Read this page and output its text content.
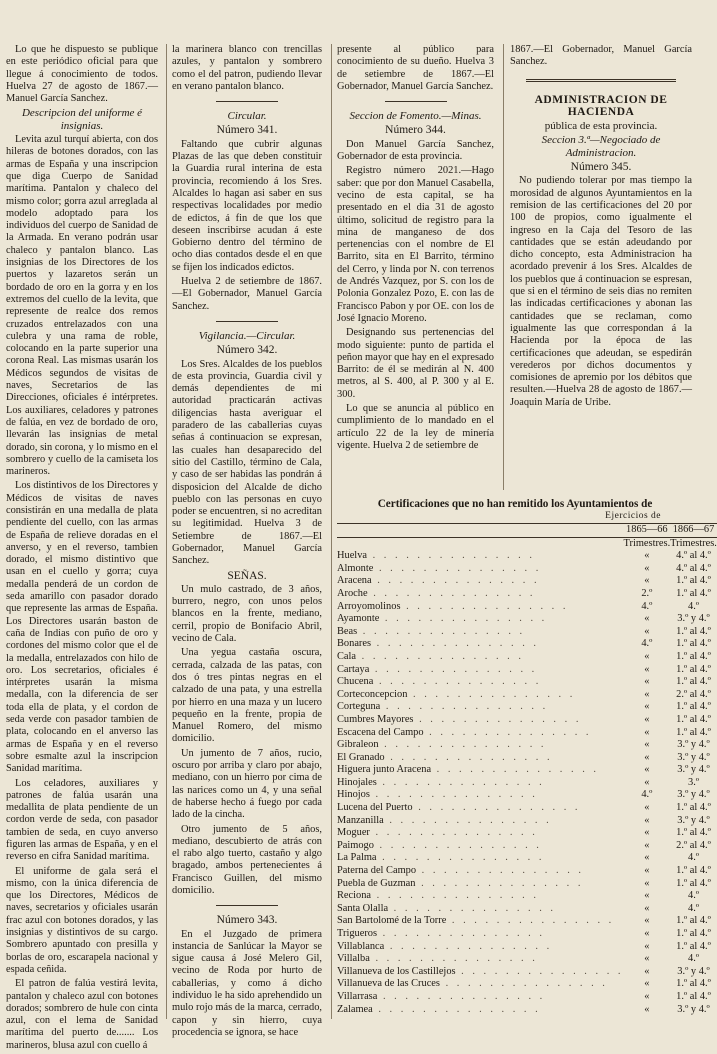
Lo que he dispuesto se publique en este periódico oficial para que llegue á conocimiento de todos. Huelva 27 de agosto de 1867.—Manuel García Sanchez.

Descripcion del uniforme é insignias.

Levita azul turquí abierta, con dos hileras de botones dorados, con las armas de España y una inscripcion que diga Cuerpo de Sanidad marítima. Pantalon y chaleco del mismo color; gorra azul arreglada al modelo adoptado para los individuos del cuerpo de Sanidad de la Armada. En verano podrán usar chaleco y pantalon blanco. Las insignias de los Directores de los puertos y lazaretos serán un bordado de oro en la gorra y en los extremos del cuello de la levita, que represente de realce dos remos cruzados entrelazados con una culebra y una rama de roble, colocando en la parte superior una corona Real. Las mismas usarán los Médicos segundos de visitas de naves, Secretarios de las Direcciones, oficiales é intérpretes. Los auxiliares, celadores y patrones de falúa, en vez de bordado de oro, llevarán las insignias de metal dorado, sin corona, y lo mismo en el sombrero y cuello de la camiseta los marineros.

Los distintivos de los Directores y Médicos de visitas de naves consistirán en una medalla de plata pendiente del cuello, con las armas de España de relieve doradas en el anverso, y en el reverso, tambien dorado, el mismo distintivo que usan en el cuello y gorra; cuya medalla penderá de un cordon de seda amarillo con pasador dorado que represente las armas de España. Los Directores usarán baston de caña de Indias con puño de oro y cordones del mismo color que el de la medalla, entrelazados con hilo de oro. Los secretarios, oficiales é intérpretes usarán la misma medalla, con la diferencia de ser toda ella de plata, y el cordon de seda verde con pasador tambien de plata, colocando en el anverso las armas de España y en el reverso sobre esmalte azul la inscripcion Sanidad marítima.

Los celadores, auxiliares y patrones de falúa usarán una medallita de plata pendiente de un cordon verde de seda, con pasador tambien de seda, en cuyo anverso figuren las armas de España, y en el reverso en cifra Sanidad marítima.

El uniforme de gala será el mismo, con la única diferencia de que los Directores, Médicos de naves, secretarios y oficiales usarán frac azul con botones dorados, y las insignias y distintivos de su cargo. Sombrero apuntado con presilla y borlas de oro, escarapela nacional y espada ceñida.

El patron de falúa vestirá levita, pantalon y chaleco azul con botones dorados; sombrero de hule con cinta azul, con el lema de Sanidad marítima del puerto de....... Los marineros, blusa azul con cuello á

la marinera blanco con trencillas azules, y pantalon y sombrero como el del patron, pudiendo llevar en verano pantalon blanco.

Circular.

Número 341.

Faltando que cubrir algunas Plazas de las que deben constituir la Guardia rural interina de esta provincia, recomiendo á los Sres. Alcaldes lo hagan asi saber en sus respectivas localidades por medio de edictos, á fin de que los que deseen inscribirse acudan á este Gobierno dentro del término de ocho dias contados desde el en que se fijen los indicados edictos.

Huelva 2 de setiembre de 1867. —El Gobernador, Manuel García Sanchez.

Vigilancia.—Circular.

Número 342.

Los Sres. Alcaldes de los pueblos de esta provincia, Guardia civil y demás dependientes de mi autoridad practicarán activas diligencias hasta averiguar el paradero de las caballerias cuyas señas á continuacion se expresan, las cuales han desaparecido del sitio del Castillo, término de Cala, y caso de ser habidas las pondrán á disposicion del Alcalde de dicho pueblo con las personas en cuyo poder se encuentren, si no acreditan su legitimidad. Huelva 3 de Setiembre de 1867.—El Gobernador, Manuel García Sanchez.

SEÑAS.

Un mulo castrado, de 3 años, burrero, negro, con unos pelos blancos en la frente, mediano, cerril, propio de Bonifacio Abril, vecino de Cala.

Una yegua castaña oscura, cerrada, calzada de las patas, con dos ó tres pintas negras en el calzado de una pata, y una estrella por hierro en una maza y un lucero pequeño en la frente, propia de Manuel Romero, del mismo domicilio.

Un jumento de 7 años, rucio, oscuro por arriba y claro por abajo, mediano, con un hierro por cima de las narices como un 4, y una señal de haberse hecho á fuego por cada lado de la cincha.

Otro jumento de 5 años, mediano, descubierto de atrás con el rabo algo tuerto, castaño y algo bragado, ambos pertenecientes á Francisco Guillen, del mismo domicilio.

Número 343.

En el Juzgado de primera instancia de Sanlúcar la Mayor se sigue causa á José Melero Gil, vecino de Roda por hurto de caballerias, y como á dicho individuo le ha sido aprehendido un mulo rojo más de la marca, cerrado, capon y sin hierro, cuya procedencia se ignora, se hace

presente al público para conocimiento de su dueño. Huelva 3 de setiembre de 1867.—El Gobernador, Manuel García Sanchez.

Seccion de Fomento.—Minas.

Número 344.

Don Manuel García Sanchez, Gobernador de esta provincia.

Registro número 2021.—Hago saber: que por don Manuel Casabella, vecino de esta capital, se ha presentado en el dia 31 de agosto último, solicitud de registro para la mina de manganeso de dos pertenencias con el nombre de El Barrito, sita en El Barrito, término del Cerro, y linda por N. con terrenos de Andrés Vazquez, por S. con los de Polonia Gonzalez Pozo, E. con las de Francisco Pabon y por OE. con los de José Ignacio Moreno.

Designando sus pertenencias del modo siguiente: punto de partida el peñon mayor que hay en el expresado Barrito: de él se medirán al N. 400 metros, al S. 400, al P. 300 y al E. 300.

Lo que se anuncia al público en cumplimiento de lo mandado en el artículo 22 de la ley de minería vigente. Huelva 2 de setiembre de

1867.—El Gobernador, Manuel García Sanchez.

ADMINISTRACION DE HACIENDA

pública de esta provincia.

Seccion 3.ª—Negociado de Administracion.

Número 345.

No pudiendo tolerar por mas tiempo la morosidad de algunos Ayuntamientos en la remision de las certificaciones del 20 por 100 de propios, como igualmente el ingreso en la Caja del Tesoro de las cantidades que se están adeudando por dicho concepto, esta Administracion ha acordado prevenir á los Sres. Alcaldes de los pueblos que á continuacion se espresan, que si en el término de seis dias no remiten las indicadas certificaciones y abonan las cantidades que se reclaman, como igualmente las que correspondan á la Hacienda por la época de las certificaciones que adeudan, se espedirán verederos por dichos documentos y comisiones de apremio por los débitos que resulten.—Huelva 28 de agosto de 1867.—Joaquin María de Uribe.

Certificaciones que no han remitido los Ayuntamientos de

Ejercicios de

	1865—66	1866—67
	Trimestres.	Trimestres.
Huelva . . . . . . . . . . . . . . .	«	4.º al 4.º
Almonte . . . . . . . . . . . . . . .	«	4.º al 4.º
Aracena . . . . . . . . . . . . . . .	«	1.º al 4.º
Aroche . . . . . . . . . . . . . . .	2.º	1.º al 4.º
Arroyomolinos . . . . . . . . . . . . . . .	4.º	4.º
Ayamonte . . . . . . . . . . . . . . .	«	3.º y 4.º
Beas . . . . . . . . . . . . . . .	«	1.º al 4.º
Bonares . . . . . . . . . . . . . . .	4.º	1.º al 4.º
Cala . . . . . . . . . . . . . . .	«	1.º al 4.º
Cartaya . . . . . . . . . . . . . . .	«	1.º al 4.º
Chucena . . . . . . . . . . . . . . .	«	1.º al 4.º
Corteconcepcion . . . . . . . . . . . . . . .	«	2.º al 4.º
Corteguna . . . . . . . . . . . . . . .	«	1.º al 4.º
Cumbres Mayores . . . . . . . . . . . . . . .	«	1.º al 4.º
Escacena del Campo . . . . . . . . . . . . . . .	«	1.º al 4.º
Gibraleon . . . . . . . . . . . . . . .	«	3.º y 4.º
El Granado . . . . . . . . . . . . . . .	«	3.º y 4.º
Higuera junto Aracena . . . . . . . . . . . . . . .	«	3.º y 4.º
Hinojales . . . . . . . . . . . . . . .	«	3.º
Hinojos . . . . . . . . . . . . . . .	4.º	3.º y 4.º
Lucena del Puerto . . . . . . . . . . . . . . .	«	1.º al 4.º
Manzanilla . . . . . . . . . . . . . . .	«	3.º y 4.º
Moguer . . . . . . . . . . . . . . .	«	1.º al 4.º
Paimogo . . . . . . . . . . . . . . .	«	2.º al 4.º
La Palma . . . . . . . . . . . . . . .	«	4.º
Paterna del Campo . . . . . . . . . . . . . . .	«	1.º al 4.º
Puebla de Guzman . . . . . . . . . . . . . . .	«	1.º al 4.º
Reciona . . . . . . . . . . . . . . .	«	4.º
Santa Olalla . . . . . . . . . . . . . . .	«	4.º
San Bartolomé de la Torre . . . . . . . . . . . . . . .	«	1.º al 4.º
Trigueros . . . . . . . . . . . . . . .	«	1.º al 4.º
Villablanca . . . . . . . . . . . . . . .	«	1.º al 4.º
Villalba . . . . . . . . . . . . . . .	«	4.º
Villanueva de los Castillejos . . . . . . . . . . . . . . .	«	3.º y 4.º
Villanueva de las Cruces . . . . . . . . . . . . . . .	«	1.º al 4.º
Villarrasa . . . . . . . . . . . . . . .	«	1.º al 4.º
Zalamea . . . . . . . . . . . . . . .	«	3.º y 4.º
